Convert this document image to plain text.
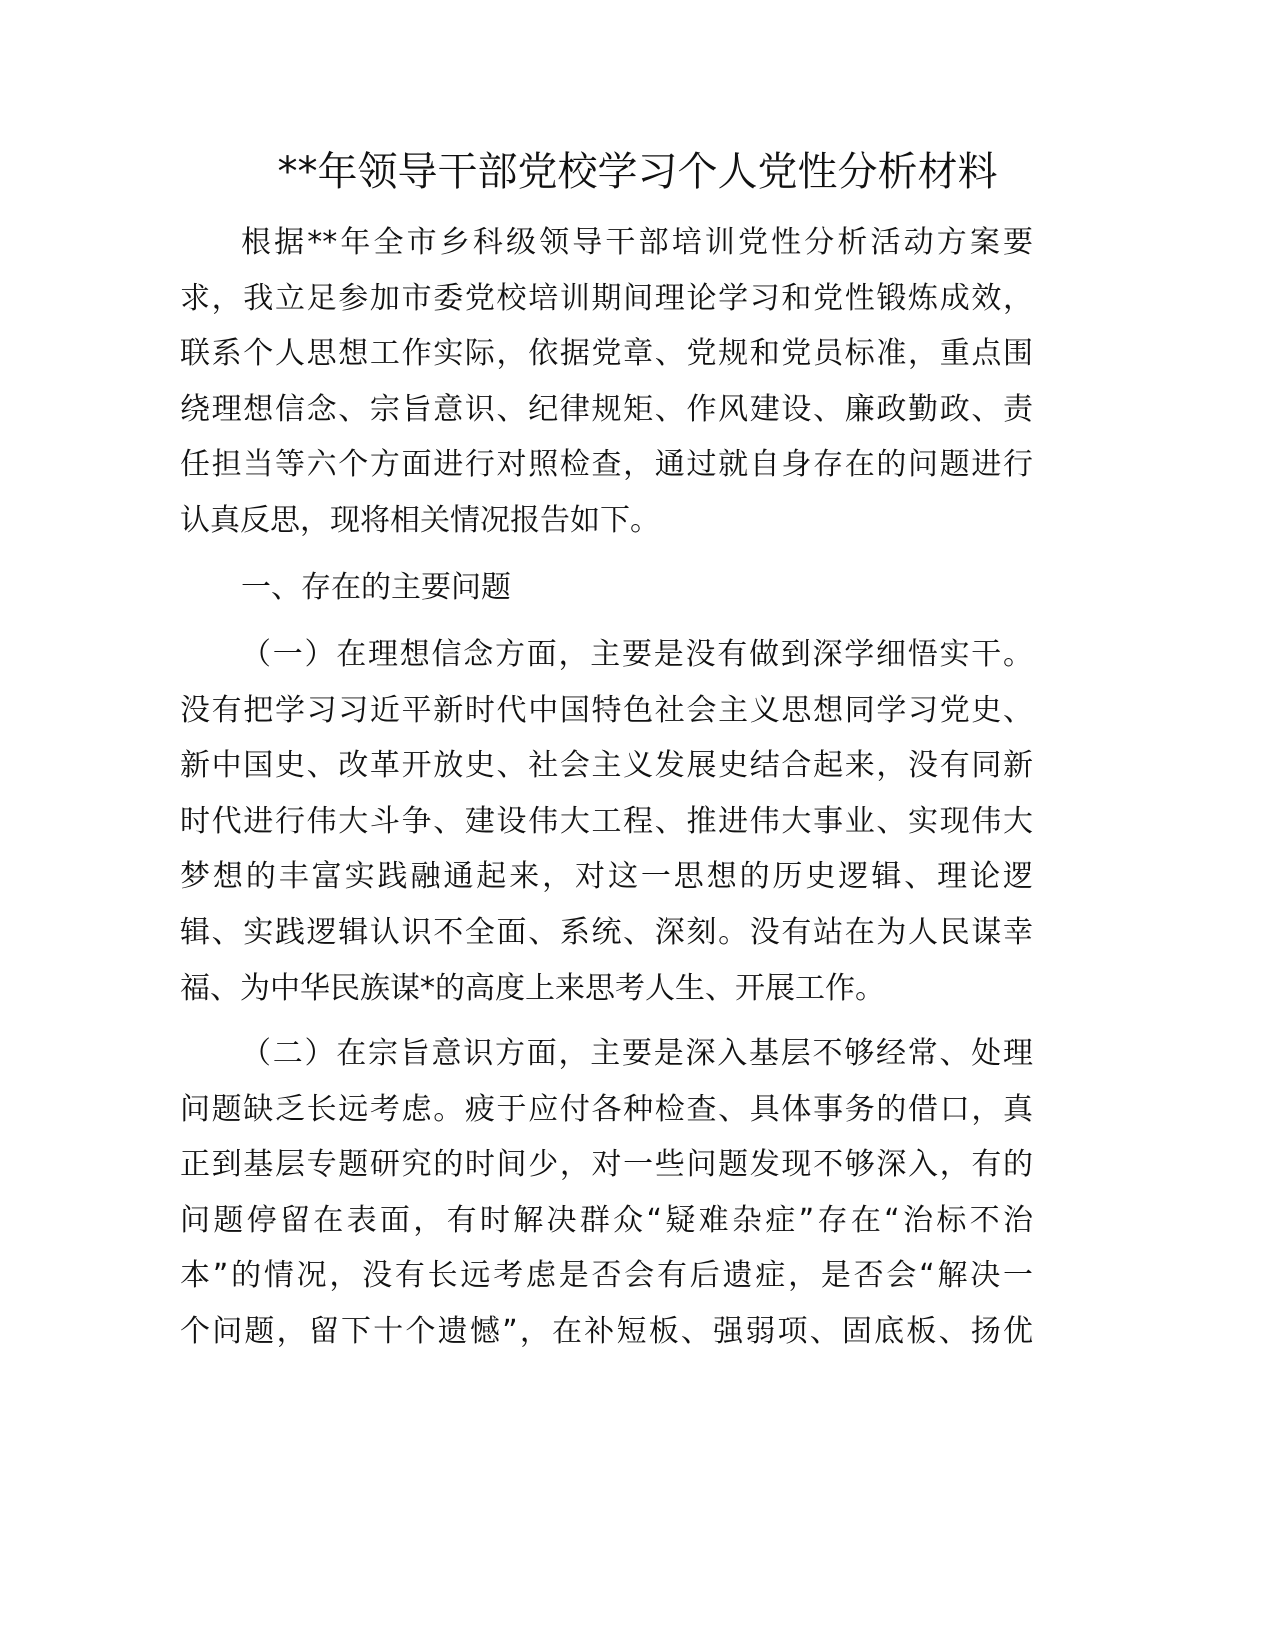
**年领导干部党校学习个人党性分析材料
根据**年全市乡科级领导干部培训党性分析活动方案要
求，我立足参加市委党校培训期间理论学习和党性锻炼成效，
联系个人思想工作实际，依据党章、党规和党员标准，重点围
绕理想信念、宗旨意识、纪律规矩、作风建设、廉政勤政、责
任担当等六个方面进行对照检查，通过就自身存在的问题进行
认真反思，现将相关情况报告如下。
一、存在的主要问题
（一）在理想信念方面，主要是没有做到深学细悟实干。
没有把学习习近平新时代中国特色社会主义思想同学习党史、
新中国史、改革开放史、社会主义发展史结合起来，没有同新
时代进行伟大斗争、建设伟大工程、推进伟大事业、实现伟大
梦想的丰富实践融通起来，对这一思想的历史逻辑、理论逻
辑、实践逻辑认识不全面、系统、深刻。没有站在为人民谋幸
福、为中华民族谋*的高度上来思考人生、开展工作。
（二）在宗旨意识方面，主要是深入基层不够经常、处理
问题缺乏长远考虑。疲于应付各种检查、具体事务的借口，真
正到基层专题研究的时间少，对一些问题发现不够深入，有的
问题停留在表面，有时解决群众“疑难杂症”存在“治标不治
本”的情况，没有长远考虑是否会有后遗症，是否会“解决一
个问题，留下十个遗憾”，在补短板、强弱项、固底板、扬优
